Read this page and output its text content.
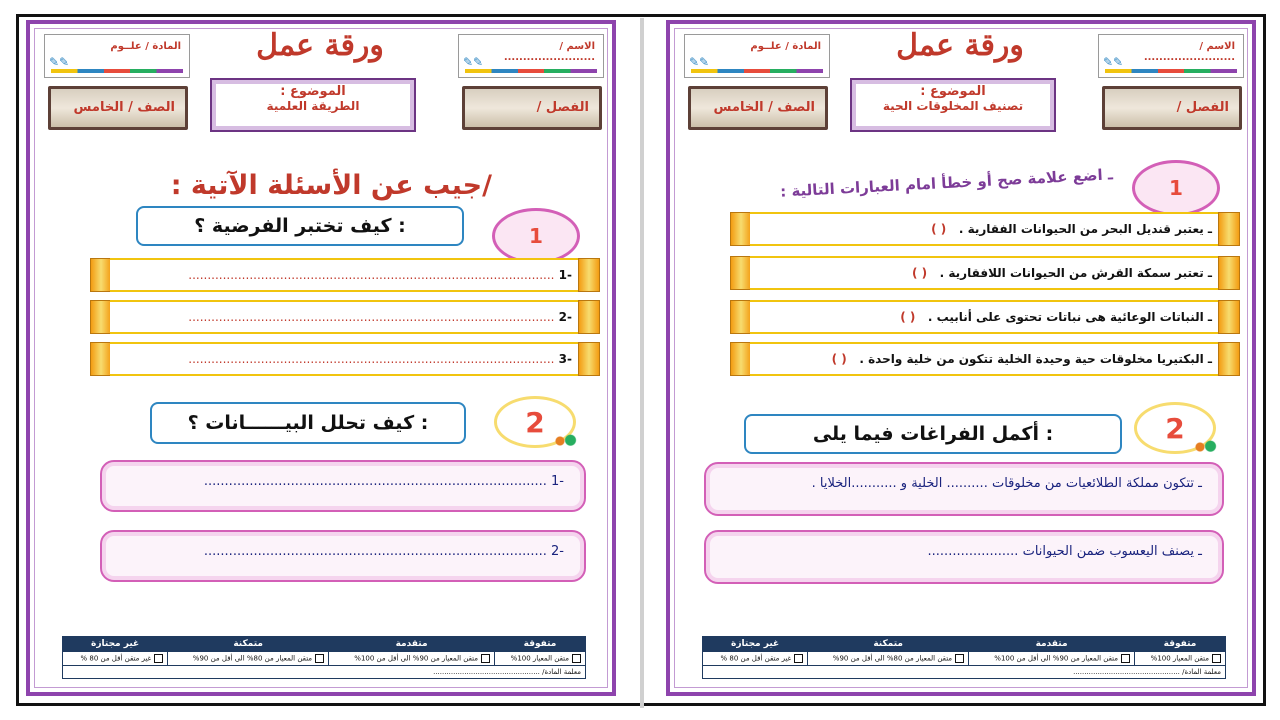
المادة / علــوم
✎✎	ورقة عمل	الاسم / ........................
✎✎
الصف / الخامس
الموضوع :
الطريقة العلمية	الفصل /
/جيب عن الأسئلة الآتية :
1
: كيف تختبر الفرضية ؟
-1 ................................................................................................
-2 ................................................................................................
-3 ................................................................................................
2
: كيف تحلل البيــــــانات ؟
-1 ...................................................................................
-2 ...................................................................................
متفوقة	متقدمة	متمكنة	غير مجتازة
متقن المعيار 100%	متقن المعيار من 90% الى أقل من 100%	متقن المعيار من 80% الى أقل من 90%	غير متقن أقل من 80 %
معلمة المادة/ ................................................			
المادة / علــوم
✎✎	ورقة عمل	الاسم / ........................
✎✎
الصف / الخامس
الموضوع :
تصنيف المخلوقات الحية	الفصل /
ـ اضع علامة صح أو خطأ امام العبارات التالية :	1
ـ يعتبر قنديل البحر من الحيوانات الفقارية .   ( )
ـ تعتبر سمكة القرش من الحيوانات اللافقارية .   ( )
ـ النباتات الوعائية هى نباتات تحتوى على أنابيب .   ( )
ـ البكتيريا مخلوقات حية وحيدة الخلية تتكون من خلية واحدة .   ( )
2
: أكمل الفراغات فيما يلى
ـ تتكون مملكة الطلائعيات من مخلوقات .......... الخلية و ...........الخلايا .
ـ يصنف اليعسوب ضمن الحيوانات ......................
متفوقة	متقدمة	متمكنة	غير مجتازة
متقن المعيار 100%	متقن المعيار من 90% الى أقل من 100%	متقن المعيار من 80% الى أقل من 90%	غير متقن أقل من 80 %
معلمة المادة/ ................................................			
